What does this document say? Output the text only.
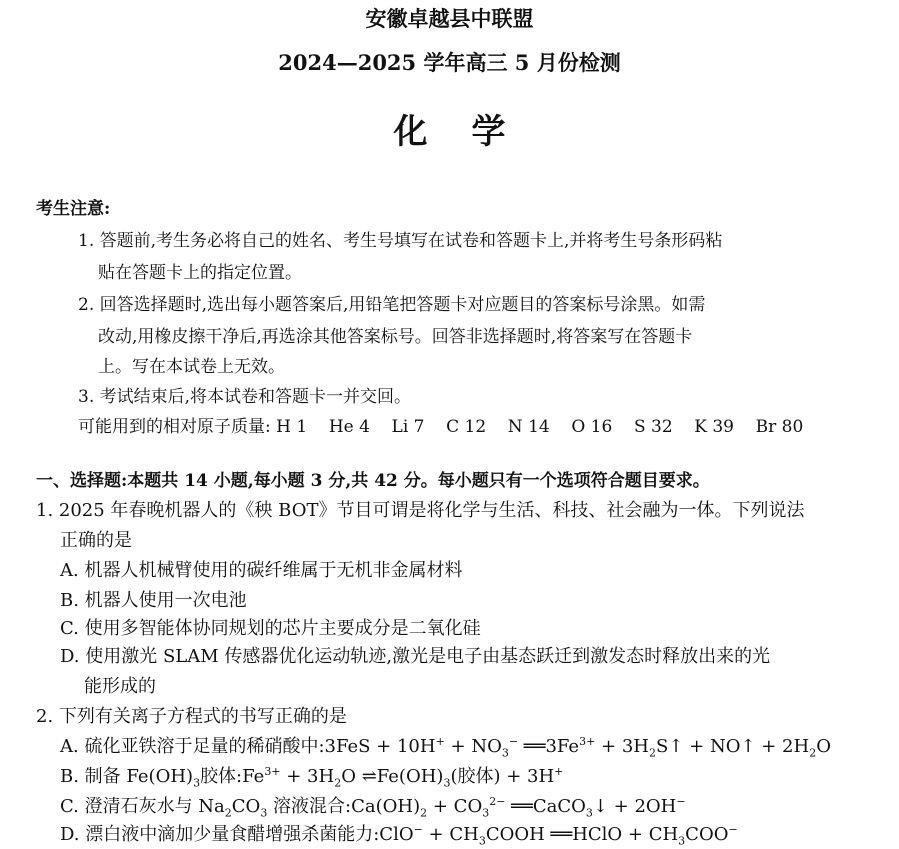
安徽卓越县中联盟
2024—2025 学年高三 5 月份检测
化学
考生注意:
1. 答题前,考生务必将自己的姓名、考生号填写在试卷和答题卡上,并将考生号条形码粘
贴在答题卡上的指定位置。
2. 回答选择题时,选出每小题答案后,用铅笔把答题卡对应题目的答案标号涂黑。如需
改动,用橡皮擦干净后,再选涂其他答案标号。回答非选择题时,将答案写在答题卡
上。写在本试卷上无效。
3. 考试结束后,将本试卷和答题卡一并交回。
可能用到的相对原子质量: H 1 He 4 Li 7 C 12 N 14 O 16 S 32 K 39 Br 80
一、选择题:本题共 14 小题,每小题 3 分,共 42 分。每小题只有一个选项符合题目要求。
1. 2025 年春晚机器人的《秧 BOT》节目可谓是将化学与生活、科技、社会融为一体。下列说法
正确的是
A. 机器人机械臂使用的碳纤维属于无机非金属材料
B. 机器人使用一次电池
C. 使用多智能体协同规划的芯片主要成分是二氧化硅
D. 使用激光 SLAM 传感器优化运动轨迹,激光是电子由基态跃迁到激发态时释放出来的光
能形成的
2. 下列有关离子方程式的书写正确的是
A. 硫化亚铁溶于足量的稀硝酸中:3FeS + $10H^+ + NO_3^-$ $══3Fe^{3+}$ + $3H_2S↑$ + NO↑ + $2H_2O$
B. 制备 $Fe(OH)_3$胶体$:Fe^{3+} + 3H_2O$ $\rightleftharpoons Fe(OH)_3$(胶体) + 3H+
C. 澄清石灰水与 $Na_2CO_3$ 溶液混合$:Ca(OH)_2 + CO_3^{2-}$ ══CaCO$_3$↓ + 2OH−
D. 漂白液中滴加少量食醋增强杀菌能力:ClO− + $CH_3COOH$ ══HClO + $CH_3COO^-$
